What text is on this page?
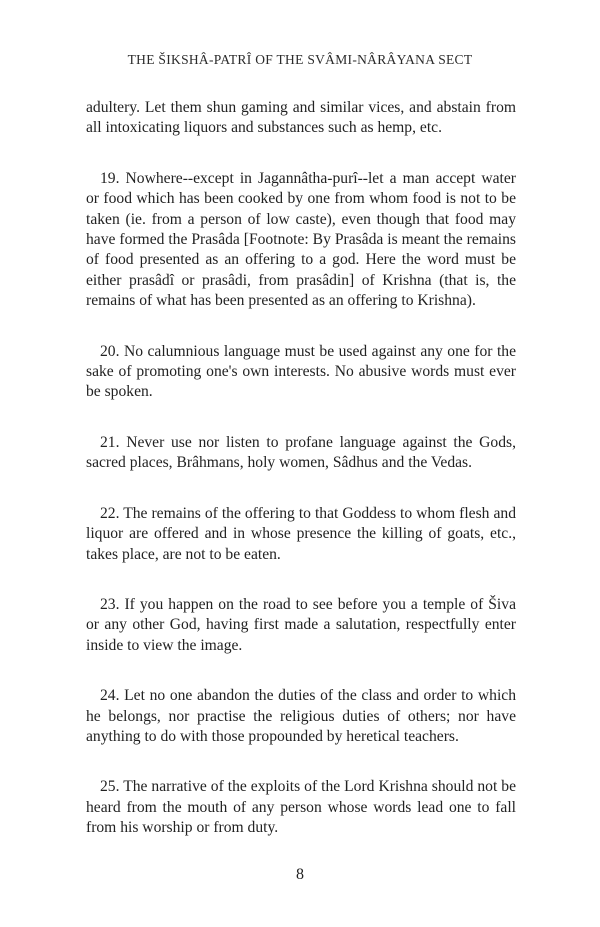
THE ŠIKSHÂ-PATRÎ OF THE SVÂMI-NÂRÂYANA SECT

adultery. Let them shun gaming and similar vices, and abstain from all intoxicating liquors and substances such as hemp, etc.

19. Nowhere--except in Jagannâtha-purî--let a man accept water or food which has been cooked by one from whom food is not to be taken (ie. from a person of low caste), even though that food may have formed the Prasâda [Footnote: By Prasâda is meant the remains of food presented as an offering to a god. Here the word must be either prasâdî or prasâdi, from prasâdin] of Krishna (that is, the remains of what has been presented as an offering to Krishna).

20. No calumnious language must be used against any one for the sake of promoting one's own interests. No abusive words must ever be spoken.

21. Never use nor listen to profane language against the Gods, sacred places, Brâhmans, holy women, Sâdhus and the Vedas.

22. The remains of the offering to that Goddess to whom flesh and liquor are offered and in whose presence the killing of goats, etc., takes place, are not to be eaten.

23. If you happen on the road to see before you a temple of Šiva or any other God, having first made a salutation, respectfully enter inside to view the image.

24. Let no one abandon the duties of the class and order to which he belongs, nor practise the religious duties of others; nor have anything to do with those propounded by heretical teachers.

25. The narrative of the exploits of the Lord Krishna should not be heard from the mouth of any person whose words lead one to fall from his worship or from duty.

8
